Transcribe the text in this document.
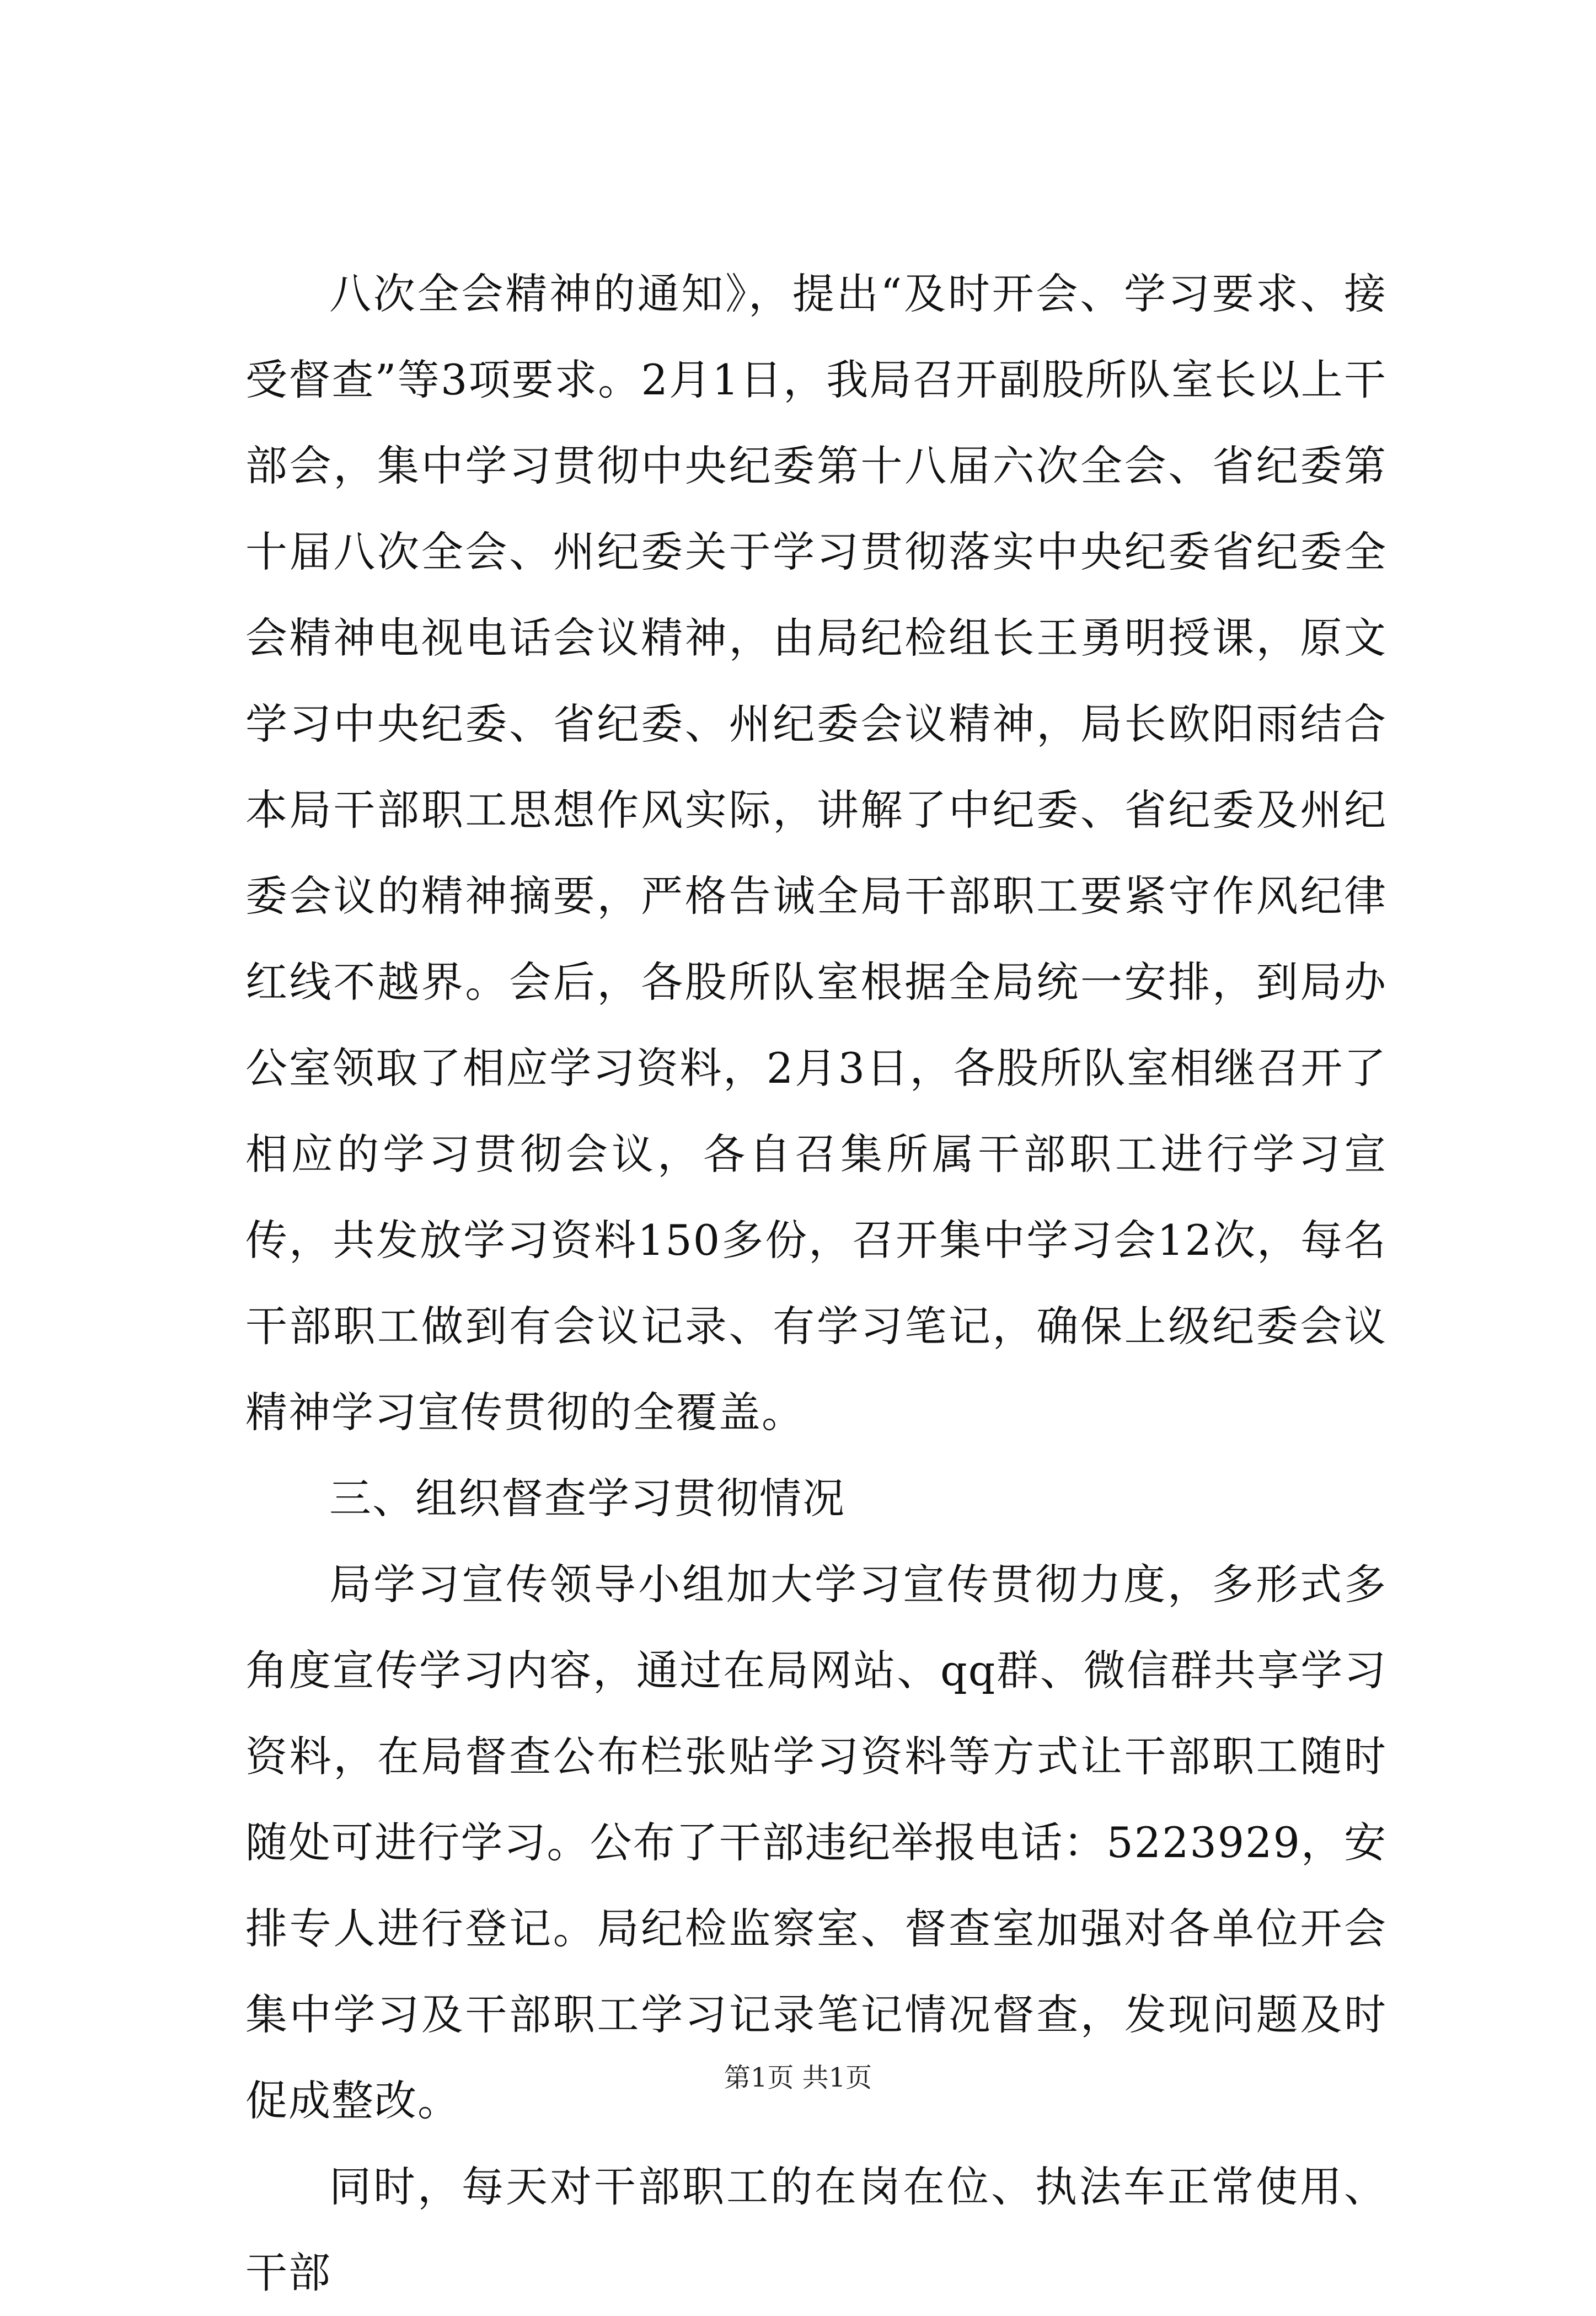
八次全会精神的通知》，提出“及时开会、学习要求、接受督查”等3项要求。2月1日，我局召开副股所队室长以上干部会，集中学习贯彻中央纪委第十八届六次全会、省纪委第十届八次全会、州纪委关于学习贯彻落实中央纪委省纪委全会精神电视电话会议精神，由局纪检组长王勇明授课，原文学习中央纪委、省纪委、州纪委会议精神，局长欧阳雨结合本局干部职工思想作风实际，讲解了中纪委、省纪委及州纪委会议的精神摘要，严格告诫全局干部职工要紧守作风纪律红线不越界。会后，各股所队室根据全局统一安排，到局办公室领取了相应学习资料，2月3日，各股所队室相继召开了相应的学习贯彻会议，各自召集所属干部职工进行学习宣传，共发放学习资料150多份，召开集中学习会12次，每名干部职工做到有会议记录、有学习笔记，确保上级纪委会议精神学习宣传贯彻的全覆盖。

三、组织督查学习贯彻情况

局学习宣传领导小组加大学习宣传贯彻力度，多形式多角度宣传学习内容，通过在局网站、qq群、微信群共享学习资料，在局督查公布栏张贴学习资料等方式让干部职工随时随处可进行学习。公布了干部违纪举报电话：5223929，安排专人进行登记。局纪检监察室、督查室加强对各单位开会集中学习及干部职工学习记录笔记情况督查，发现问题及时促成整改。

同时，每天对干部职工的在岗在位、执法车正常使用、干部

第1页 共1页
